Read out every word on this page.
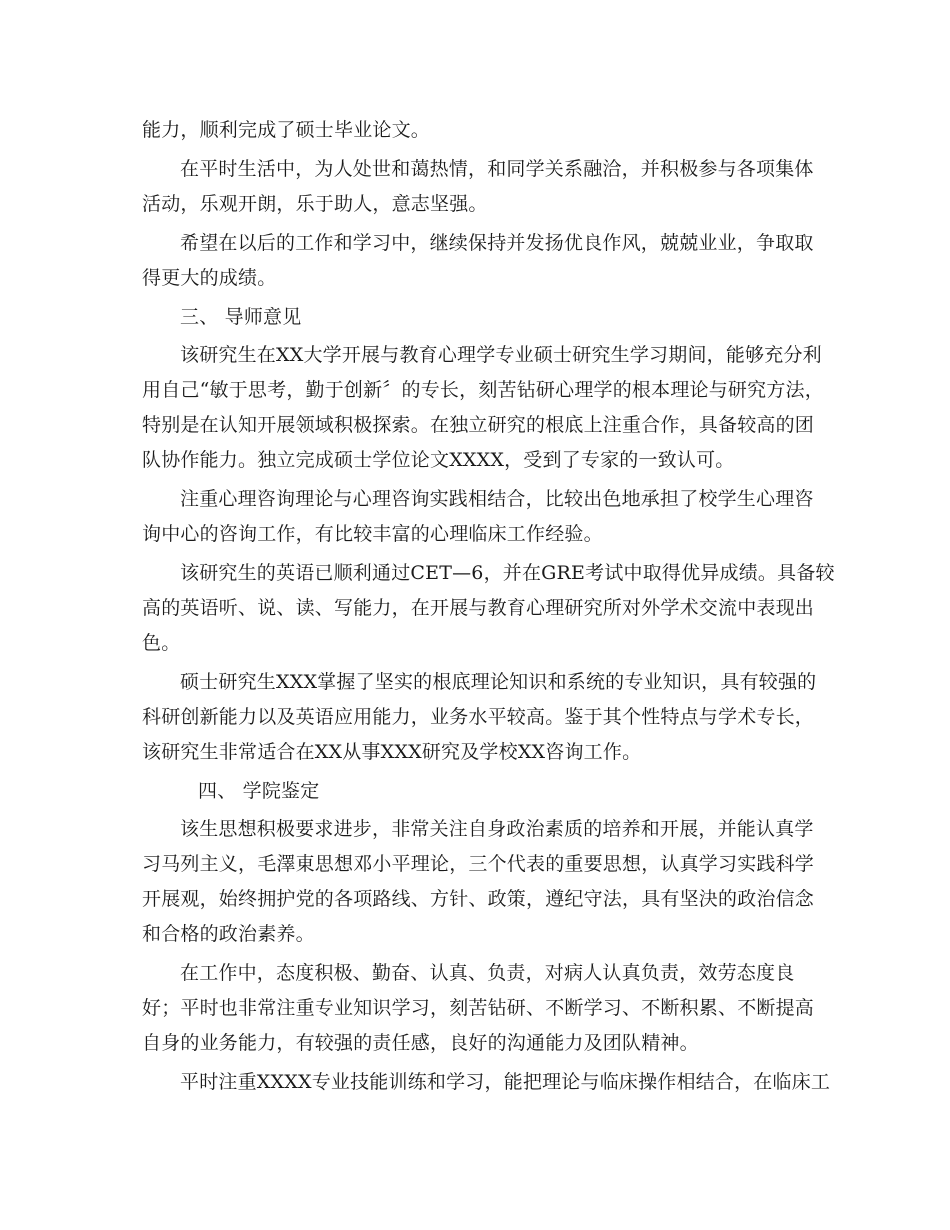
能力，顺利完成了硕士毕业论文。
在平时生活中，为人处世和蔼热情，和同学关系融洽，并积极参与各项集体
活动，乐观开朗，乐于助人，意志坚强。
希望在以后的工作和学习中，继续保持并发扬优良作风，兢兢业业，争取取
得更大的成绩。
三、 导师意见
该研究生在XX大学开展与教育心理学专业硕士研究生学习期间，能够充分利
用自己“敏于思考，勤于创新〞的专长，刻苦钻研心理学的根本理论与研究方法，
特别是在认知开展领域积极探索。在独立研究的根底上注重合作，具备较高的团
队协作能力。独立完成硕士学位论文XXXX，受到了专家的一致认可。
注重心理咨询理论与心理咨询实践相结合，比较出色地承担了校学生心理咨
询中心的咨询工作，有比较丰富的心理临床工作经验。
该研究生的英语已顺利通过CET—6，并在GRE考试中取得优异成绩。具备较
高的英语听、说、读、写能力，在开展与教育心理研究所对外学术交流中表现出
色。
硕士研究生XXX掌握了坚实的根底理论知识和系统的专业知识，具有较强的
科研创新能力以及英语应用能力，业务水平较高。鉴于其个性特点与学术专长，
该研究生非常适合在XX从事XXX研究及学校XX咨询工作。
四、 学院鉴定
该生思想积极要求进步，非常关注自身政治素质的培养和开展，并能认真学
习马列主义，毛澤東思想邓小平理论，三个代表的重要思想，认真学习实践科学
开展观，始终拥护党的各项路线、方针、政策，遵纪守法，具有坚決的政治信念
和合格的政治素养。
在工作中，态度积极、勤奋、认真、负责，对病人认真负责，效劳态度良
好；平时也非常注重专业知识学习，刻苦钻研、不断学习、不断积累、不断提高
自身的业务能力，有较强的责任感，良好的沟通能力及团队精神。
平时注重XXXX专业技能训练和学习，能把理论与临床操作相结合，在临床工
